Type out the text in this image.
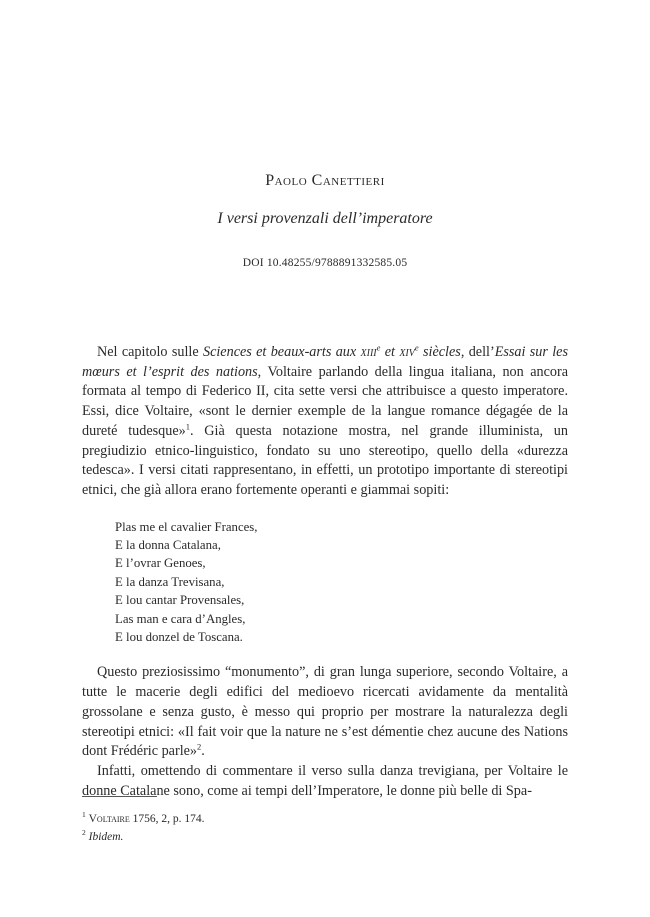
Paolo Canettieri
I versi provenzali dell’imperatore
DOI 10.48255/9788891332585.05

Nel capitolo sulle Sciences et beaux-arts aux xiii$^e$ et xiv$^e$ siècles, dell’Essai sur les mœurs et l’esprit des nations, Voltaire parlando della lingua italiana, non ancora formata al tempo di Federico II, cita sette versi che attribuisce a questo imperatore. Essi, dice Voltaire, «sont le dernier exemple de la langue romance dégagée de la dureté tudesque»$^1$. Già questa notazione mostra, nel grande illuminista, un pregiudizio etnico-linguistico, fondato su uno stereotipo, quello della «durezza tedesca». I versi citati rappresentano, in effetti, un prototipo importante di stereotipi etnici, che già allora erano fortemente operanti e giammai sopiti:

Plas me el cavalier Frances,
E la donna Catalana,
E l’ovrar Genoes,
E la danza Trevisana,
E lou cantar Provensales,
Las man e cara d’Angles,
E lou donzel de Toscana.

Questo preziosissimo “monumento”, di gran lunga superiore, secondo Voltaire, a tutte le macerie degli edifici del medioevo ricercati avidamente da mentalità grossolane e senza gusto, è messo qui proprio per mostrare la naturalezza degli stereotipi etnici: «Il fait voir que la nature ne s’est démentie chez aucune des Nations dont Frédéric parle»$^2$.

Infatti, omettendo di commentare il verso sulla danza trevigiana, per Voltaire le donne Catalane sono, come ai tempi dell’Imperatore, le donne più belle di Spa-

$^1$ Voltaire 1756, 2, p. 174.
$^2$ Ibidem.
